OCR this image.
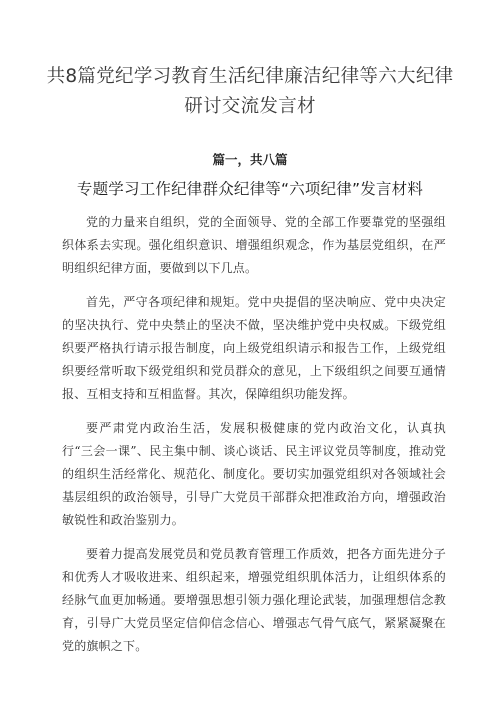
共8篇党纪学习教育生活纪律廉洁纪律等六大纪律
研讨交流发言材
篇一，共八篇
专题学习工作纪律群众纪律等“六项纪律”发言材料

党的力量来自组织，党的全面领导、党的全部工作要靠党的坚强组织体系去实现。强化组织意识、增强组织观念，作为基层党组织，在严明组织纪律方面，要做到以下几点。

首先，严守各项纪律和规矩。党中央提倡的坚决响应、党中央决定的坚决执行、党中央禁止的坚决不做，坚决维护党中央权威。下级党组织要严格执行请示报告制度，向上级党组织请示和报告工作，上级党组织要经常听取下级党组织和党员群众的意见，上下级组织之间要互通情报、互相支持和互相监督。其次，保障组织功能发挥。

要严肃党内政治生活，发展积极健康的党内政治文化，认真执行“三会一课”、民主集中制、谈心谈话、民主评议党员等制度，推动党的组织生活经常化、规范化、制度化。要切实加强党组织对各领域社会基层组织的政治领导，引导广大党员干部群众把准政治方向，增强政治敏锐性和政治鉴别力。

要着力提高发展党员和党员教育管理工作质效，把各方面先进分子和优秀人才吸收进来、组织起来，增强党组织肌体活力，让组织体系的经脉气血更加畅通。要增强思想引领力强化理论武装，加强理想信念教育，引导广大党员坚定信仰信念信心、增强志气骨气底气，紧紧凝聚在党的旗帜之下。
